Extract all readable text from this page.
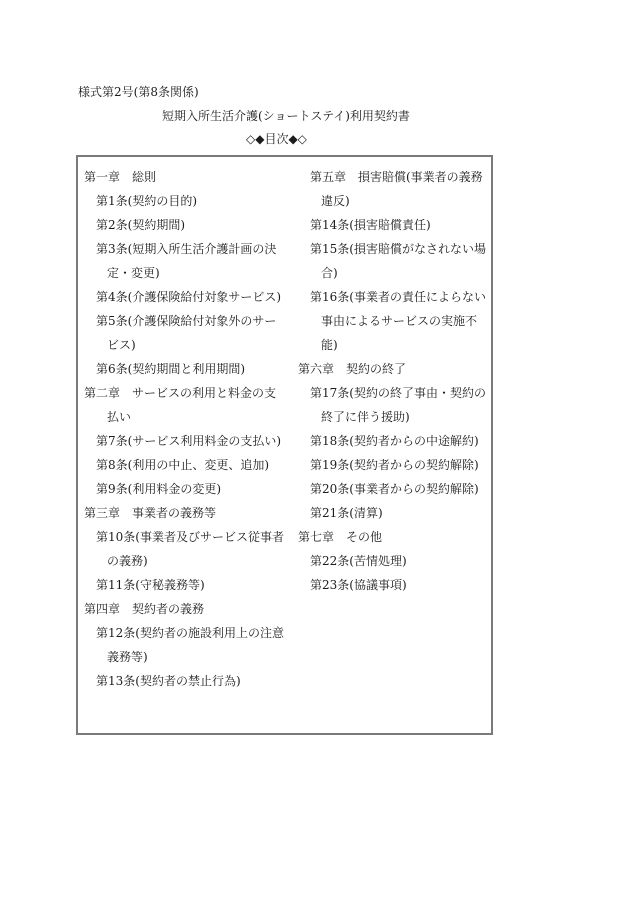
様式第2号(第8条関係)
短期入所生活介護(ショートステイ)利用契約書
◇◆目次◆◇
第一章　総則
第1条(契約の目的)
第2条(契約期間)
第3条(短期入所生活介護計画の決定・変更)
第4条(介護保険給付対象サービス)
第5条(介護保険給付対象外のサービス)
第6条(契約期間と利用期間)
第二章　サービスの利用と料金の支払い
第7条(サービス利用料金の支払い)
第8条(利用の中止、変更、追加)
第9条(利用料金の変更)
第三章　事業者の義務等
第10条(事業者及びサービス従事者の義務)
第11条(守秘義務等)
第四章　契約者の義務
第12条(契約者の施設利用上の注意義務等)
第13条(契約者の禁止行為)
第五章　損害賠償(事業者の義務違反)
第14条(損害賠償責任)
第15条(損害賠償がなされない場合)
第16条(事業者の責任によらない事由によるサービスの実施不能)
第六章　契約の終了
第17条(契約の終了事由・契約の終了に伴う援助)
第18条(契約者からの中途解約)
第19条(契約者からの契約解除)
第20条(事業者からの契約解除)
第21条(清算)
第七章　その他
第22条(苦情処理)
第23条(協議事項)
